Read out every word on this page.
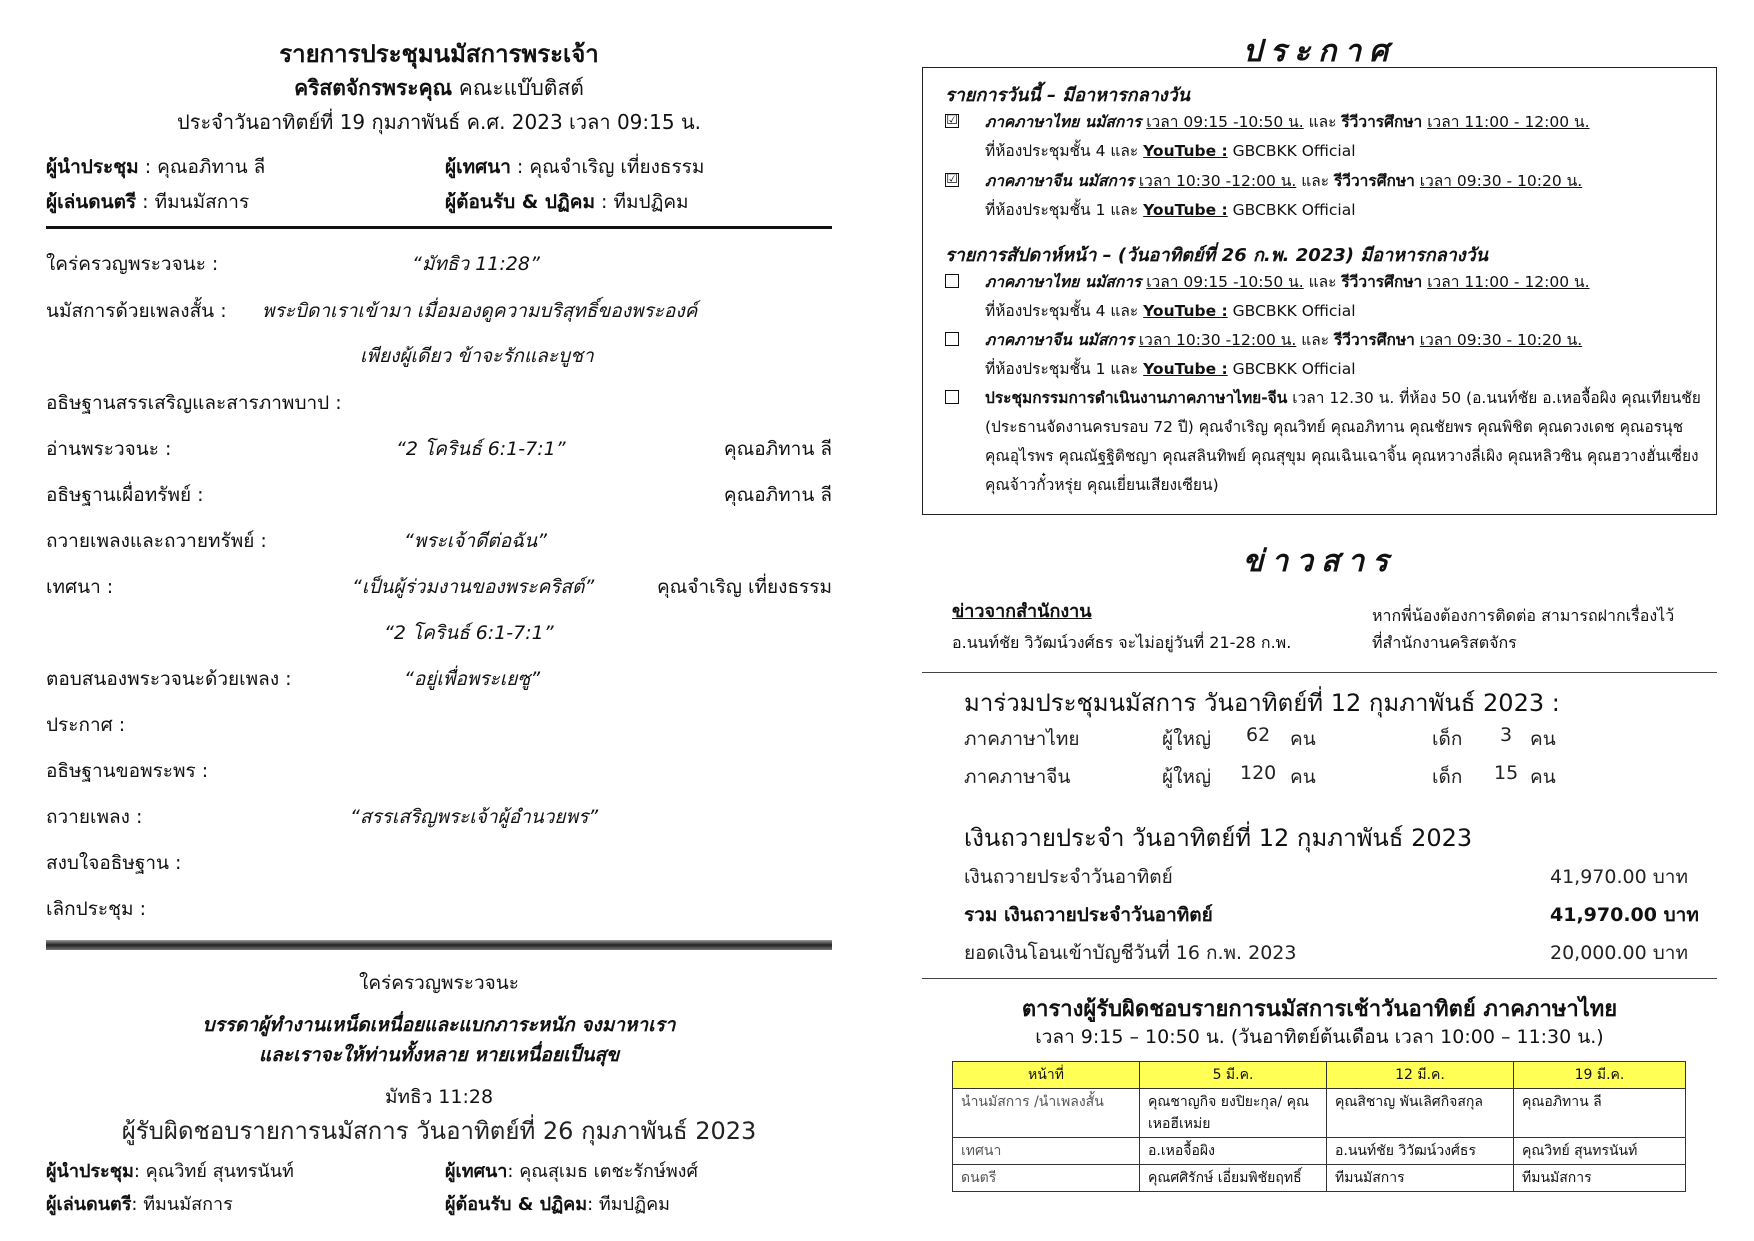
รายการประชุมนมัสการพระเจ้า
คริสตจักรพระคุณ คณะแบ๊บติสต์
ประจำวันอาทิตย์ที่ 19 กุมภาพันธ์ ค.ศ. 2023 เวลา 09:15 น.
ผู้นำประชุม : คุณอภิทาน ลี	ผู้เทศนา : คุณจำเริญ เที่ยงธรรม
ผู้เล่นดนตรี : ทีมนมัสการ	ผู้ต้อนรับ & ปฏิคม : ทีมปฏิคม
ใคร่ครวญพระวจนะ :	“มัทธิว 11:28”
นมัสการด้วยเพลงสั้น : พระบิดาเราเข้ามา เมื่อมองดูความบริสุทธิ์ของพระองค์
เพียงผู้เดียว ข้าจะรักและบูชา
อธิษฐานสรรเสริญและสารภาพบาป :
อ่านพระวจนะ :	“2 โครินธ์ 6:1-7:1”	คุณอภิทาน ลี
อธิษฐานเผื่อทรัพย์ :	คุณอภิทาน ลี
ถวายเพลงและถวายทรัพย์ :	“พระเจ้าดีต่อฉัน”
เทศนา :	“เป็นผู้ร่วมงานของพระคริสต์”	คุณจำเริญ เที่ยงธรรม
“2 โครินธ์ 6:1-7:1”
ตอบสนองพระวจนะด้วยเพลง :	“อยู่เพื่อพระเยซู”
ประกาศ :
อธิษฐานขอพระพร :
ถวายเพลง :	“สรรเสริญพระเจ้าผู้อำนวยพร”
สงบใจอธิษฐาน :
เลิกประชุม :
ใคร่ครวญพระวจนะ
บรรดาผู้ทำงานเหน็ดเหนื่อยและแบกภาระหนัก จงมาหาเรา
และเราจะให้ท่านทั้งหลาย หายเหนื่อยเป็นสุข
มัทธิว 11:28
ผู้รับผิดชอบรายการนมัสการ วันอาทิตย์ที่ 26 กุมภาพันธ์ 2023
ผู้นำประชุม: คุณวิทย์ สุนทรนันท์	ผู้เทศนา: คุณสุเมธ เตชะรักษ์พงศ์
ผู้เล่นดนตรี: ทีมนมัสการ	ผู้ต้อนรับ & ปฏิคม: ทีมปฏิคม
ประกาศ
รายการวันนี้ – มีอาหารกลางวัน
☑ ภาคภาษาไทย นมัสการ เวลา 09:15 -10:50 น. และ รีวีวารศึกษา เวลา 11:00 - 12:00 น.
ที่ห้องประชุมชั้น 4 และ YouTube : GBCBKK Official
☑ ภาคภาษาจีน นมัสการ เวลา 10:30 -12:00 น. และ รีวีวารศึกษา เวลา 09:30 - 10:20 น.
ที่ห้องประชุมชั้น 1 และ YouTube : GBCBKK Official
รายการสัปดาห์หน้า – (วันอาทิตย์ที่ 26 ก.พ. 2023) มีอาหารกลางวัน
ภาคภาษาไทย นมัสการ เวลา 09:15 -10:50 น. และ รีวีวารศึกษา เวลา 11:00 - 12:00 น.
ที่ห้องประชุมชั้น 4 และ YouTube : GBCBKK Official
ภาคภาษาจีน นมัสการ เวลา 10:30 -12:00 น. และ รีวีวารศึกษา เวลา 09:30 - 10:20 น.
ที่ห้องประชุมชั้น 1 และ YouTube : GBCBKK Official
ประชุมกรรมการดำเนินงานภาคภาษาไทย-จีน เวลา 12.30 น. ที่ห้อง 50 (อ.นนท์ชัย อ.เหอจื้อผิง คุณเทียนชัย (ประธานจัดงานครบรอบ 72 ปี) คุณจำเริญ คุณวิทย์ คุณอภิทาน คุณชัยพร คุณพิชิต คุณดวงเดช คุณอรนุช คุณอุไรพร คุณณัฐฐิติชญา คุณสลินทิพย์ คุณสุขุม คุณเฉินเฉาจิ้น คุณหวางลี่เผิง คุณหลิวซิน คุณฮวางฮั่นเซี่ยง คุณจ้าวกั๋วหรุ่ย คุณเยี่ยนเสียงเซียน)
ข่าวสาร
ข่าวจากสำนักงาน
อ.นนท์ชัย วิวัฒน์วงศ์ธร จะไม่อยู่วันที่ 21-28 ก.พ.
หากพี่น้องต้องการติดต่อ สามารถฝากเรื่องไว้
ที่สำนักงานคริสตจักร
มาร่วมประชุมนมัสการ วันอาทิตย์ที่ 12 กุมภาพันธ์ 2023 :
ภาคภาษาไทย	ผู้ใหญ่ 62 คน	เด็ก 3 คน
ภาคภาษาจีน	ผู้ใหญ่ 120 คน	เด็ก 15 คน
เงินถวายประจำ วันอาทิตย์ที่ 12 กุมภาพันธ์ 2023
เงินถวายประจำวันอาทิตย์	41,970.00 บาท
รวม เงินถวายประจำวันอาทิตย์	41,970.00 บาท
ยอดเงินโอนเข้าบัญชีวันที่ 16 ก.พ. 2023	20,000.00 บาท
ตารางผู้รับผิดชอบรายการนมัสการเช้าวันอาทิตย์ ภาคภาษาไทย
เวลา 9:15 – 10:50 น. (วันอาทิตย์ต้นเดือน เวลา 10:00 – 11:30 น.)
หน้าที่	5 มี.ค.	12 มี.ค.	19 มี.ค.
นำนมัสการ /นำเพลงสั้น	คุณชาญกิจ ยงปิยะกุล/ คุณเหอฮีเหม่ย	คุณสิชาญ พันเลิศกิจสกุล	คุณอภิทาน ลี
เทศนา	อ.เหอจื้อผิง	อ.นนท์ชัย วิวัฒน์วงศ์ธร	คุณวิทย์ สุนทรนันท์
ดนตรี	คุณศศิรักษ์ เอี่ยมพิชัยฤทธิ์	ทีมนมัสการ	ทีมนมัสการ
